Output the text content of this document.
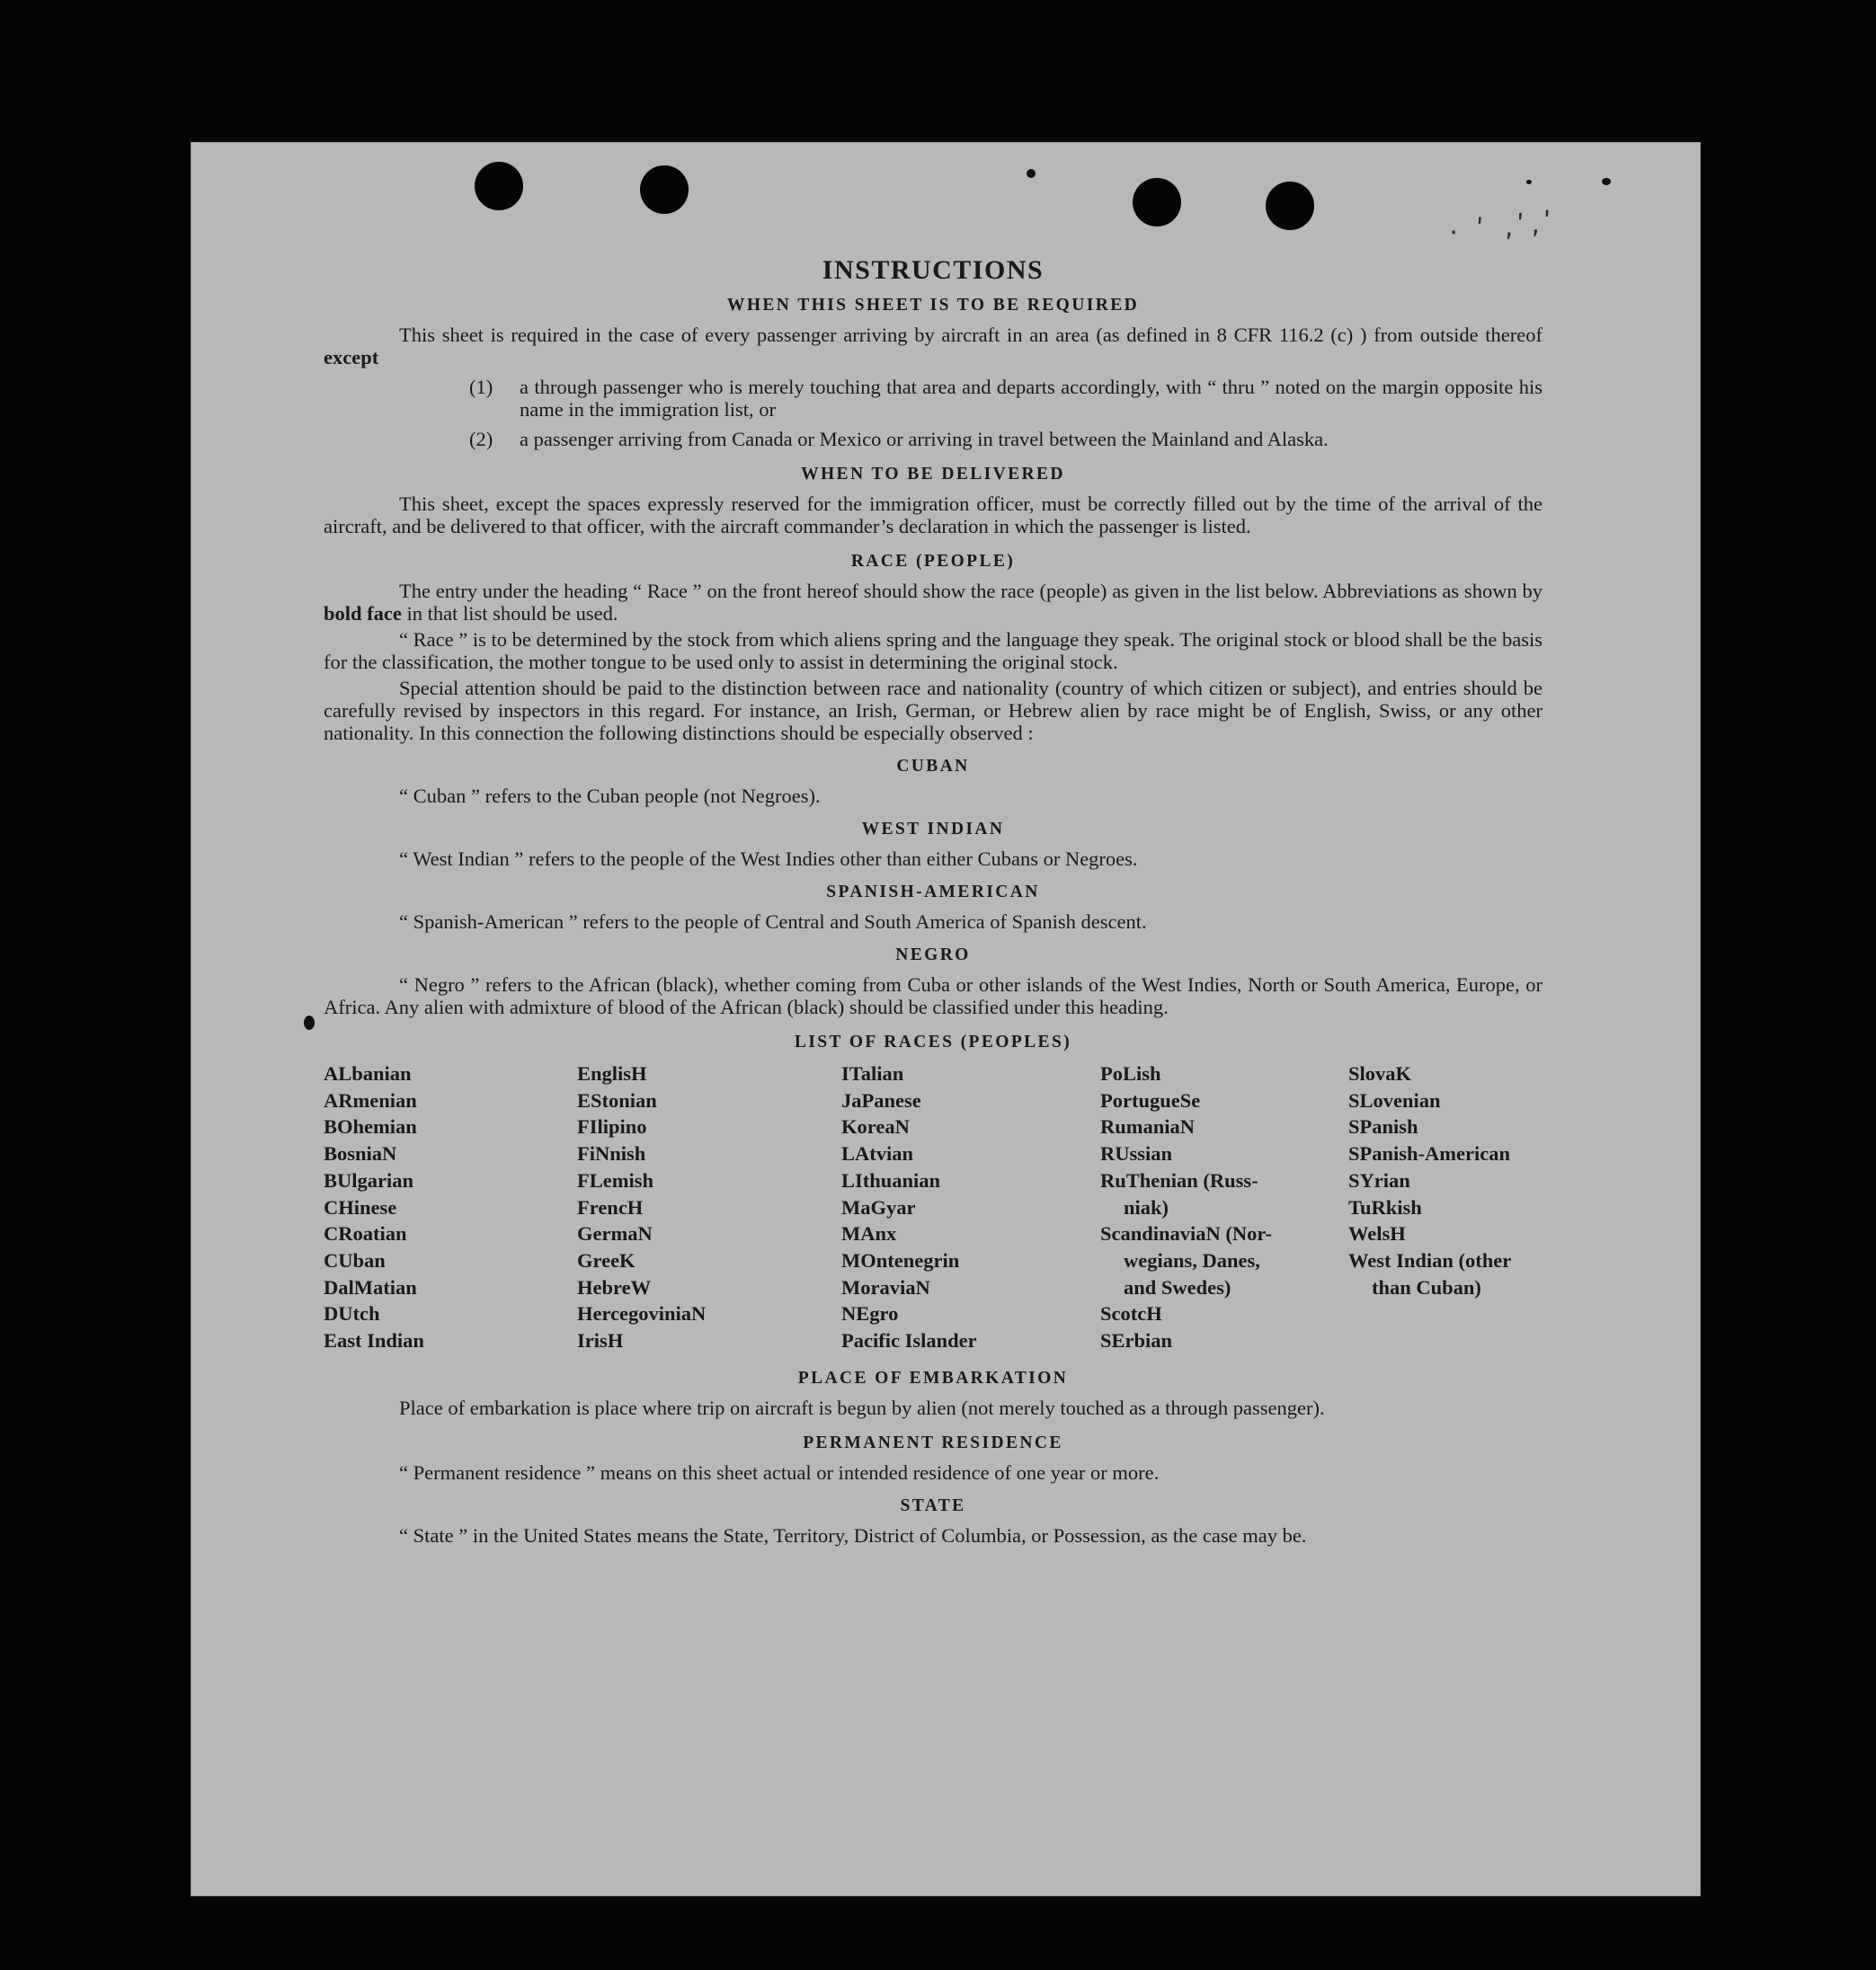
· ʹ ,ʹ,ʹ
INSTRUCTIONS
WHEN THIS SHEET IS TO BE REQUIRED

This sheet is required in the case of every passenger arriving by aircraft in an area (as defined in 8 CFR 116.2 (c) ) from outside thereof except

(1)	a through passenger who is merely touching that area and departs accordingly, with “ thru ” noted on the margin opposite his name in the immigration list, or
(2)	a passenger arriving from Canada or Mexico or arriving in travel between the Mainland and Alaska.
WHEN TO BE DELIVERED

This sheet, except the spaces expressly reserved for the immigration officer, must be correctly filled out by the time of the arrival of the aircraft, and be delivered to that officer, with the aircraft commander’s declaration in which the passenger is listed.

RACE (PEOPLE)

The entry under the heading “ Race ” on the front hereof should show the race (people) as given in the list below. Abbreviations as shown by bold face in that list should be used.

“ Race ” is to be determined by the stock from which aliens spring and the language they speak. The original stock or blood shall be the basis for the classification, the mother tongue to be used only to assist in determining the original stock.

Special attention should be paid to the distinction between race and nationality (country of which citizen or subject), and entries should be carefully revised by inspectors in this regard. For instance, an Irish, German, or Hebrew alien by race might be of English, Swiss, or any other nationality. In this connection the following distinctions should be especially observed :

CUBAN

“ Cuban ” refers to the Cuban people (not Negroes).

WEST INDIAN

“ West Indian ” refers to the people of the West Indies other than either Cubans or Negroes.

SPANISH-AMERICAN

“ Spanish-American ” refers to the people of Central and South America of Spanish descent.

NEGRO

“ Negro ” refers to the African (black), whether coming from Cuba or other islands of the West Indies, North or South America, Europe, or Africa. Any alien with admixture of blood of the African (black) should be classified under this heading.

LIST OF RACES (PEOPLES)
ALbanian
ARmenian
BOhemian
BosniaN
BUlgarian
CHinese
CRoatian
CUban
DalMatian
DUtch
East Indian
EnglisH
EStonian
FIlipino
FiNnish
FLemish
FrencH
GermaN
GreeK
HebreW
HercegoviniaN
IrisH
ITalian
JaPanese
KoreaN
LAtvian
LIthuanian
MaGyar
MAnx
MOntenegrin
MoraviaN
NEgro
Pacific Islander
PoLish
PortugueSe
RumaniaN
RUssian
RuThenian (Russ-
niak)
ScandinaviaN (Nor-
wegians, Danes,
and Swedes)
ScotcH
SErbian
SlovaK
SLovenian
SPanish
SPanish-American
SYrian
TuRkish
WelsH
West Indian (other
than Cuban)
PLACE OF EMBARKATION

Place of embarkation is place where trip on aircraft is begun by alien (not merely touched as a through passenger).

PERMANENT RESIDENCE

“ Permanent residence ” means on this sheet actual or intended residence of one year or more.

STATE

“ State ” in the United States means the State, Territory, District of Columbia, or Possession, as the case may be.
